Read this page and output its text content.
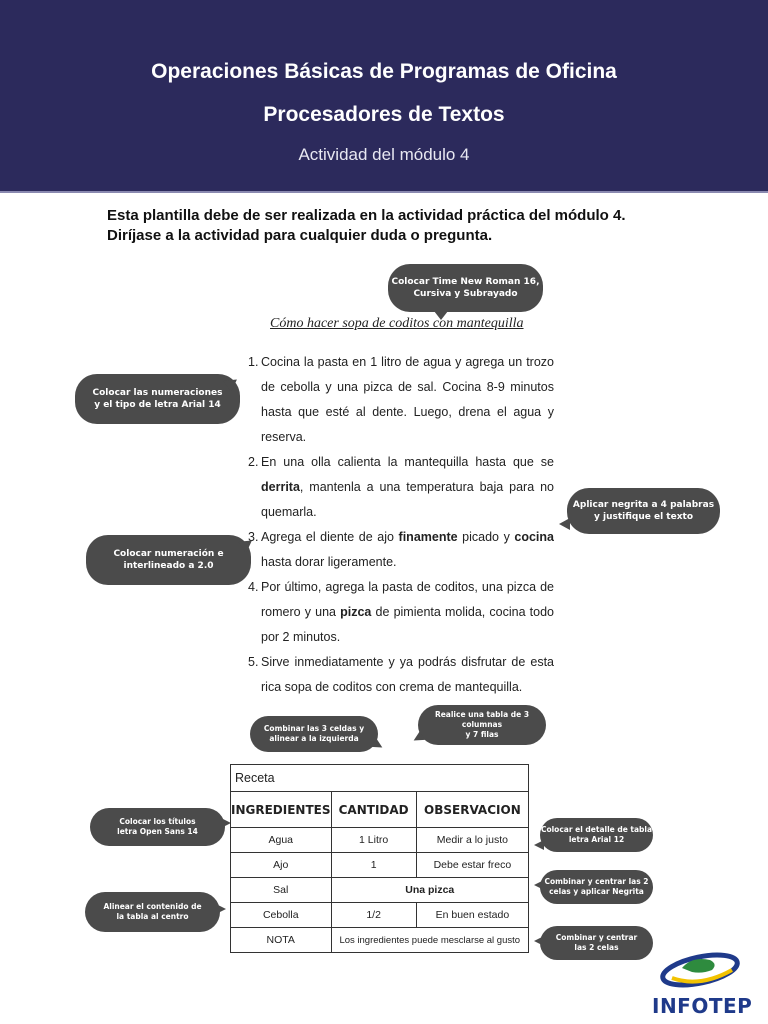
Operaciones Básicas de Programas de Oficina
Procesadores de Textos
Actividad del módulo 4
Esta plantilla debe de ser realizada en la actividad práctica del módulo 4.
Diríjase a la actividad para cualquier duda o pregunta.
Cómo hacer sopa de coditos con mantequilla
1. Cocina la pasta en 1 litro de agua y agrega un trozo de cebolla y una pizca de sal. Cocina 8-9 minutos hasta que esté al dente. Luego, drena el agua y reserva.
2. En una olla calienta la mantequilla hasta que se derrita, mantenla a una temperatura baja para no quemarla.
3. Agrega el diente de ajo finamente picado y cocina hasta dorar ligeramente.
4. Por último, agrega la pasta de coditos, una pizca de romero y una pizca de pimienta molida, cocina todo por 2 minutos.
5. Sirve inmediatamente y ya podrás disfrutar de esta rica sopa de coditos con crema de mantequilla.
Colocar Time New Roman 16,
Cursiva y Subrayado
Colocar las numeraciones
y el tipo de letra Arial 14
Aplicar negrita a 4 palabras
y justifique el texto
Colocar numeración e
interlineado a 2.0
Combinar las 3 celdas y
alinear a la izquierda
Realice una tabla de 3 columnas
y 7 filas
Colocar los títulos
letra Open Sans 14	Colocar el detalle de tabla
letra Arial 12
Combinar y centrar las 2
celas y aplicar Negrita
Alinear el contenido de
la tabla al centro
Combinar y centrar
las 2 celas
Receta		
INGREDIENTES	CANTIDAD	OBSERVACION
Agua	1 Litro	Medir a lo justo
Ajo	1	Debe estar freco
Sal	Una pizca	
Cebolla	1/2	En buen estado
NOTA	Los ingredientes puede mesclarse al gusto	
INFOTEP
